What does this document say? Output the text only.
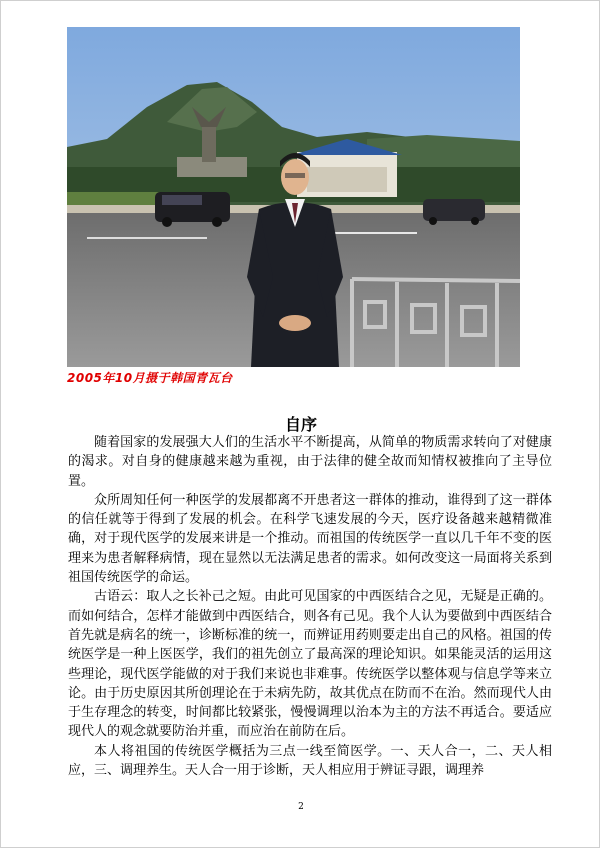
2005年10月摄于韩国青瓦台
自序

随着国家的发展强大人们的生活水平不断提高，从简单的物质需求转向了对健康的渴求。对自身的健康越来越为重视，由于法律的健全故而知情权被推向了主导位置。

众所周知任何一种医学的发展都离不开患者这一群体的推动，谁得到了这一群体的信任就等于得到了发展的机会。在科学飞速发展的今天，医疗设备越来越精微准确，对于现代医学的发展来讲是一个推动。而祖国的传统医学一直以几千年不变的医理来为患者解释病情，现在显然以无法满足患者的需求。如何改变这一局面将关系到祖国传统医学的命运。

古语云：取人之长补己之短。由此可见国家的中西医结合之见，无疑是正确的。而如何结合，怎样才能做到中西医结合，则各有己见。我个人认为要做到中西医结合首先就是病名的统一，诊断标准的统一，而辨证用药则要走出自己的风格。祖国的传统医学是一种上医医学，我们的祖先创立了最高深的理论知识。如果能灵活的运用这些理论，现代医学能做的对于我们来说也非难事。传统医学以整体观与信息学等来立论。由于历史原因其所创理论在于未病先防，故其优点在防而不在治。然而现代人由于生存理念的转变，时间都比较紧张，慢慢调理以治本为主的方法不再适合。要适应现代人的观念就要防治并重，而应治在前防在后。

本人将祖国的传统医学概括为三点一线至简医学。一、天人合一，二、天人相应，三、调理养生。天人合一用于诊断，天人相应用于辨证寻跟，调理养

2
